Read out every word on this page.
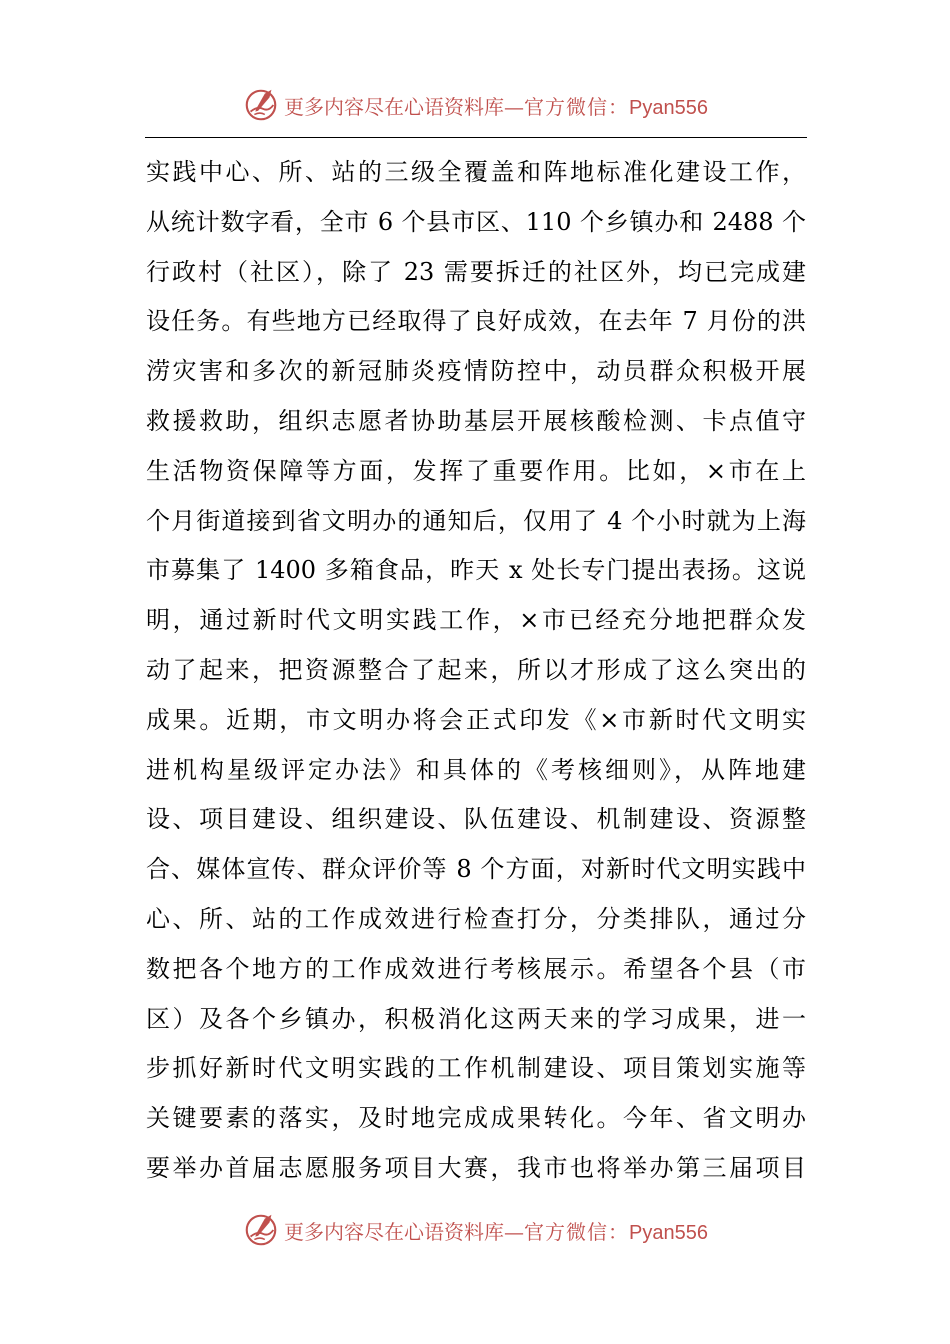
更多内容尽在心语资料库—官方微信：Pyan556
实践中心、所、站的三级全覆盖和阵地标准化建设工作，
从统计数字看，全市 6 个县市区、110 个乡镇办和 2488 个
行政村（社区），除了 23 需要拆迁的社区外，均已完成建
设任务。有些地方已经取得了良好成效，在去年 7 月份的洪
涝灾害和多次的新冠肺炎疫情防控中，动员群众积极开展
救援救助，组织志愿者协助基层开展核酸检测、卡点值守
生活物资保障等方面，发挥了重要作用。比如，×市在上
个月街道接到省文明办的通知后，仅用了 4 个小时就为上海
市募集了 1400 多箱食品，昨天 x 处长专门提出表扬。这说
明，通过新时代文明实践工作，×市已经充分地把群众发
动了起来，把资源整合了起来，所以才形成了这么突出的
成果。近期，市文明办将会正式印发《×市新时代文明实
进机构星级评定办法》和具体的《考核细则》，从阵地建
设、项目建设、组织建设、队伍建设、机制建设、资源整
合、媒体宣传、群众评价等 8 个方面，对新时代文明实践中
心、所、站的工作成效进行检查打分，分类排队，通过分
数把各个地方的工作成效进行考核展示。希望各个县（市
区）及各个乡镇办，积极消化这两天来的学习成果，进一
步抓好新时代文明实践的工作机制建设、项目策划实施等
关键要素的落实，及时地完成成果转化。今年、省文明办
要举办首届志愿服务项目大赛，我市也将举办第三届项目
更多内容尽在心语资料库—官方微信：Pyan556
